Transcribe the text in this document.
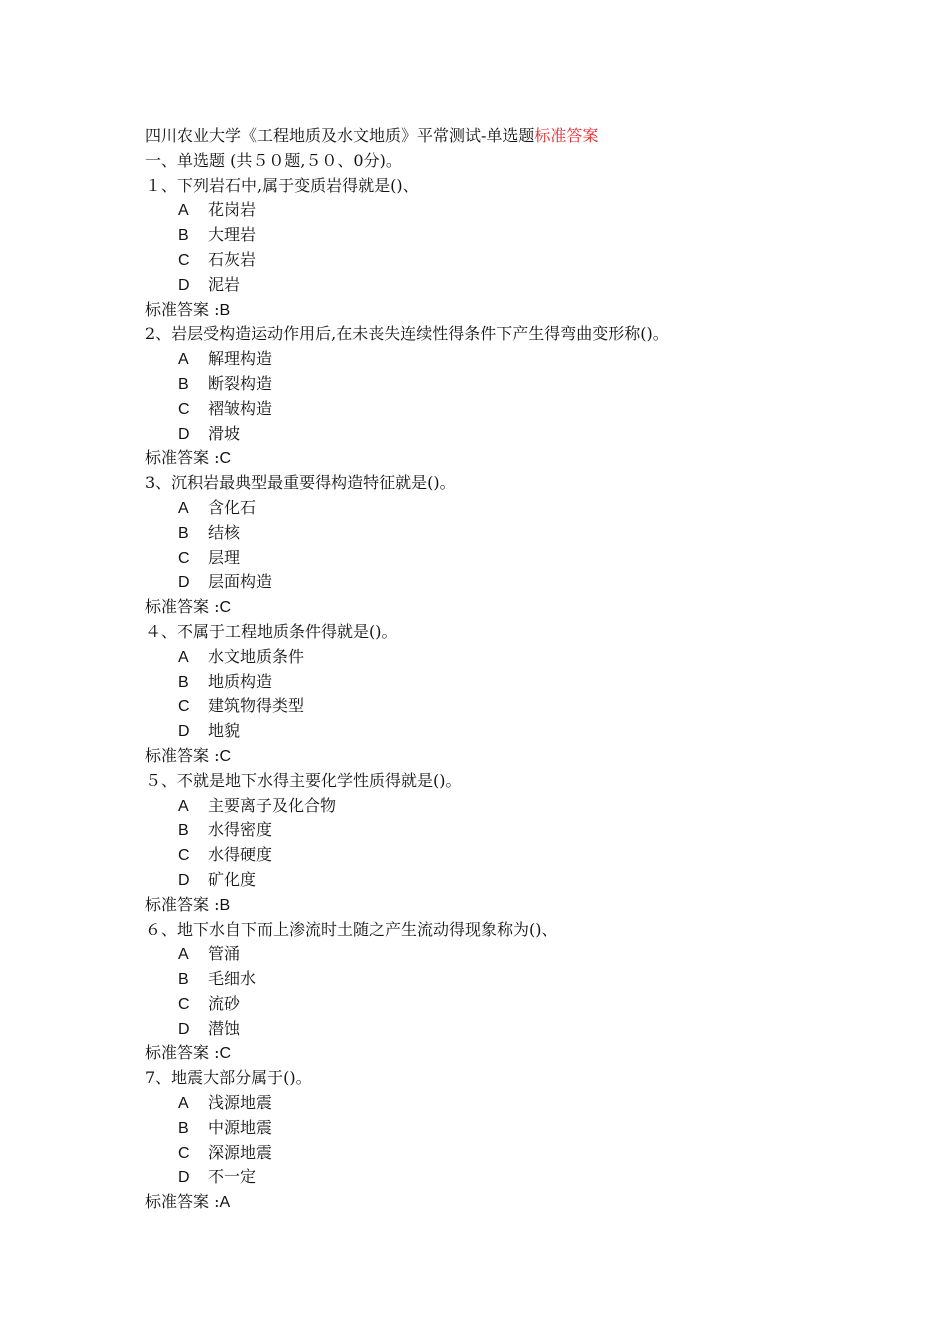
四川农业大学《工程地质及水文地质》平常测试-单选题标准答案
一、单选题 (共５０题,５０、0分)。
１、下列岩石中,属于变质岩得就是()、
A 花岗岩
B 大理岩
C 石灰岩
D 泥岩
标准答案 :B
2、岩层受构造运动作用后,在未丧失连续性得条件下产生得弯曲变形称()。
A 解理构造
B 断裂构造
C 褶皱构造
D 滑坡
标准答案 :C
3、沉积岩最典型最重要得构造特征就是()。
A 含化石
B 结核
C 层理
D 层面构造
标准答案 :C
４、不属于工程地质条件得就是()。
A 水文地质条件
B 地质构造
C 建筑物得类型
D 地貌
标准答案 :C
５、不就是地下水得主要化学性质得就是()。
A 主要离子及化合物
B 水得密度
C 水得硬度
D 矿化度
标准答案 :B
６、地下水自下而上渗流时土随之产生流动得现象称为()、
A 管涌
B 毛细水
C 流砂
D 潜蚀
标准答案 :C
7、地震大部分属于()。
A 浅源地震
B 中源地震
C 深源地震
D 不一定
标准答案 :A
